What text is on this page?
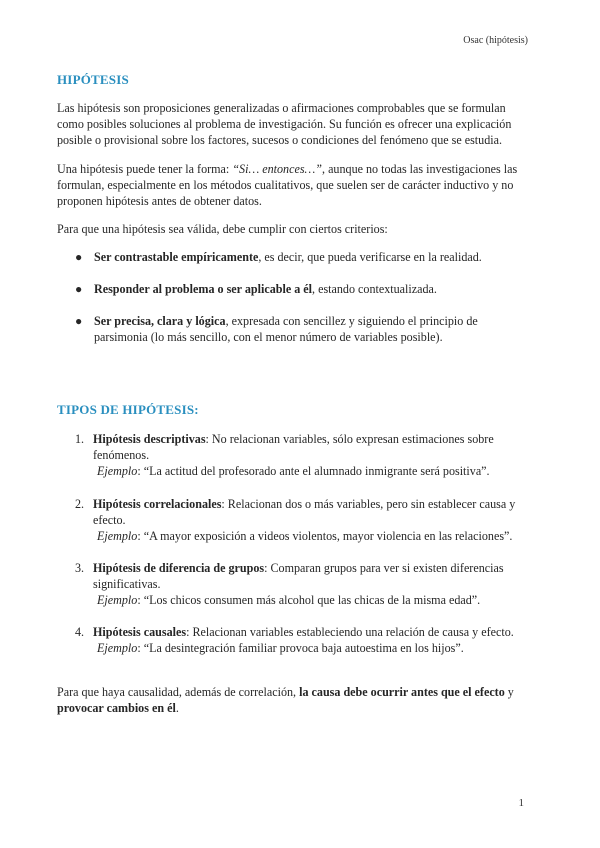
Osac (hipótesis)
HIPÓTESIS
Las hipótesis son proposiciones generalizadas o afirmaciones comprobables que se formulan como posibles soluciones al problema de investigación. Su función es ofrecer una explicación posible o provisional sobre los factores, sucesos o condiciones del fenómeno que se estudia.
Una hipótesis puede tener la forma: “Si… entonces…”, aunque no todas las investigaciones las formulan, especialmente en los métodos cualitativos, que suelen ser de carácter inductivo y no proponen hipótesis antes de obtener datos.
Para que una hipótesis sea válida, debe cumplir con ciertos criterios:
● Ser contrastable empíricamente, es decir, que pueda verificarse en la realidad.
● Responder al problema o ser aplicable a él, estando contextualizada.
● Ser precisa, clara y lógica, expresada con sencillez y siguiendo el principio de parsimonia (lo más sencillo, con el menor número de variables posible).
TIPOS DE HIPÓTESIS:
1. Hipótesis descriptivas: No relacionan variables, sólo expresan estimaciones sobre fenómenos.
Ejemplo: “La actitud del profesorado ante el alumnado inmigrante será positiva”.
2. Hipótesis correlacionales: Relacionan dos o más variables, pero sin establecer causa y efecto.
Ejemplo: “A mayor exposición a videos violentos, mayor violencia en las relaciones”.
3. Hipótesis de diferencia de grupos: Comparan grupos para ver si existen diferencias significativas.
Ejemplo: “Los chicos consumen más alcohol que las chicas de la misma edad”.
4. Hipótesis causales: Relacionan variables estableciendo una relación de causa y efecto.
Ejemplo: “La desintegración familiar provoca baja autoestima en los hijos”.
Para que haya causalidad, además de correlación, la causa debe ocurrir antes que el efecto y provocar cambios en él.
1
